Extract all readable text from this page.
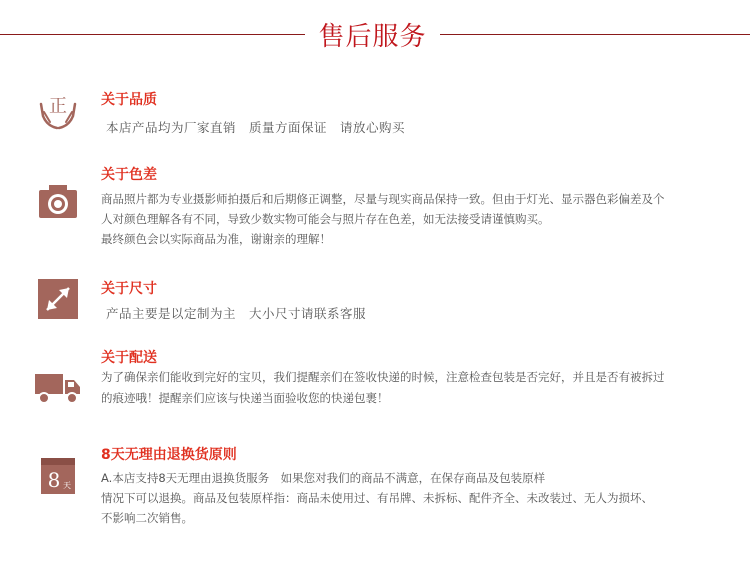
售后服务
正 关于品质
本店产品均为厂家直销　质量方面保证　请放心购买
关于色差
商品照片都为专业摄影师拍摄后和后期修正调整，尽量与现实商品保持一致。但由于灯光、显示器色彩偏差及个
人对颜色理解各有不同，导致少数实物可能会与照片存在色差，如无法接受请谨慎购买。
最终颜色会以实际商品为准，谢谢亲的理解！
关于尺寸
产品主要是以定制为主　大小尺寸请联系客服
关于配送
为了确保亲们能收到完好的宝贝，我们提醒亲们在签收快递的时候，注意检查包装是否完好，并且是否有被拆过
的痕迹哦！提醒亲们应该与快递当面验收您的快递包裹！
8 天
8天无理由退换货原则
A.本店支持8天无理由退换货服务　如果您对我们的商品不满意，在保存商品及包装原样
情况下可以退换。商品及包装原样指：商品未使用过、有吊牌、未拆标、配件齐全、未改装过、无人为损坏、
不影响二次销售。
